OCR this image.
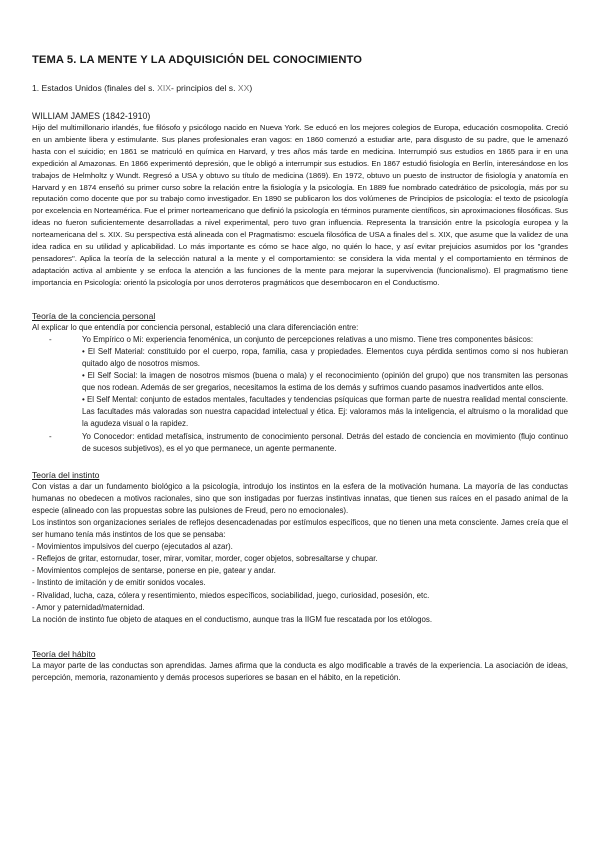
TEMA 5. LA MENTE Y LA ADQUISICIÓN DEL CONOCIMIENTO

1. Estados Unidos (finales del s. XIX- principios del s. XX)

WILLIAM JAMES (1842-1910)

Hijo del multimillonario irlandés, fue filósofo y psicólogo nacido en Nueva York. Se educó en los mejores colegios de Europa, educación cosmopolita. Creció en un ambiente libera y estimulante. Sus planes profesionales eran vagos: en 1860 comenzó a estudiar arte, para disgusto de su padre, que le amenazó hasta con el suicidio; en 1861 se matriculó en química en Harvard, y tres años más tarde en medicina. Interrumpió sus estudios en 1865 para ir en una expedición al Amazonas. En 1866 experimentó depresión, que le obligó a interrumpir sus estudios. En 1867 estudió fisiología en Berlín, interesándose en los trabajos de Helmholtz y Wundt. Regresó a USA y obtuvo su título de medicina (1869). En 1972, obtuvo un puesto de instructor de fisiología y anatomía en Harvard y en 1874 enseñó su primer curso sobre la relación entre la fisiología y la psicología. En 1889 fue nombrado catedrático de psicología, más por su reputación como docente que por su trabajo como investigador. En 1890 se publicaron los dos volúmenes de Principios de psicología: el texto de psicología por excelencia en Norteamérica. Fue el primer norteamericano que definió la psicología en términos puramente científicos, sin aproximaciones filosóficas. Sus ideas no fueron suficientemente desarrolladas a nivel experimental, pero tuvo gran influencia. Representa la transición entre la psicología europea y la norteamericana del s. XIX. Su perspectiva está alineada con el Pragmatismo: escuela filosófica de USA a finales del s. XIX, que asume que la validez de una idea radica en su utilidad y aplicabilidad. Lo más importante es cómo se hace algo, no quién lo hace, y así evitar prejuicios asumidos por los "grandes pensadores". Aplica la teoría de la selección natural a la mente y el comportamiento: se considera la vida mental y el comportamiento en términos de adaptación activa al ambiente y se enfoca la atención a las funciones de la mente para mejorar la supervivencia (funcionalismo). El pragmatismo tiene importancia en Psicología: orientó la psicología por unos derroteros pragmáticos que desembocaron en el Conductismo.

Teoría de la conciencia personal

Al explicar lo que entendía por conciencia personal, estableció una clara diferenciación entre:

-	Yo Empírico o Mi: experiencia fenoménica, un conjunto de percepciones relativas a uno mismo. Tiene tres componentes básicos:
• El Self Material: constituido por el cuerpo, ropa, familia, casa y propiedades. Elementos cuya pérdida sentimos como si nos hubieran quitado algo de nosotros mismos.
• El Self Social: la imagen de nosotros mismos (buena o mala) y el reconocimiento (opinión del grupo) que nos transmiten las personas que nos rodean. Además de ser gregarios, necesitamos la estima de los demás y sufrimos cuando pasamos inadvertidos ante ellos.
• El Self Mental: conjunto de estados mentales, facultades y tendencias psíquicas que forman parte de nuestra realidad mental consciente. Las facultades más valoradas son nuestra capacidad intelectual y ética. Ej: valoramos más la inteligencia, el altruismo o la moralidad que la agudeza visual o la rapidez.
-	Yo Conocedor: entidad metafísica, instrumento de conocimiento personal. Detrás del estado de conciencia en movimiento (flujo continuo de sucesos subjetivos), es el yo que permanece, un agente permanente.

Teoría del instinto

Con vistas a dar un fundamento biológico a la psicología, introdujo los instintos en la esfera de la motivación humana. La mayoría de las conductas humanas no obedecen a motivos racionales, sino que son instigadas por fuerzas instintivas innatas, que tienen sus raíces en el pasado animal de la especie (alineado con las propuestas sobre las pulsiones de Freud, pero no emocionales).

Los instintos son organizaciones seriales de reflejos desencadenadas por estímulos específicos, que no tienen una meta consciente. James creía que el ser humano tenía más instintos de los que se pensaba:

- Movimientos impulsivos del cuerpo (ejecutados al azar).

- Reflejos de gritar, estornudar, toser, mirar, vomitar, morder, coger objetos, sobresaltarse y chupar.

- Movimientos complejos de sentarse, ponerse en pie, gatear y andar.

- Instinto de imitación y de emitir sonidos vocales.

- Rivalidad, lucha, caza, cólera y resentimiento, miedos específicos, sociabilidad, juego, curiosidad, posesión, etc.

- Amor y paternidad/maternidad.

La noción de instinto fue objeto de ataques en el conductismo, aunque tras la IIGM fue rescatada por los etólogos.

Teoría del hábito

La mayor parte de las conductas son aprendidas. James afirma que la conducta es algo modificable a través de la experiencia. La asociación de ideas, percepción, memoria, razonamiento y demás procesos superiores se basan en el hábito, en la repetición.
